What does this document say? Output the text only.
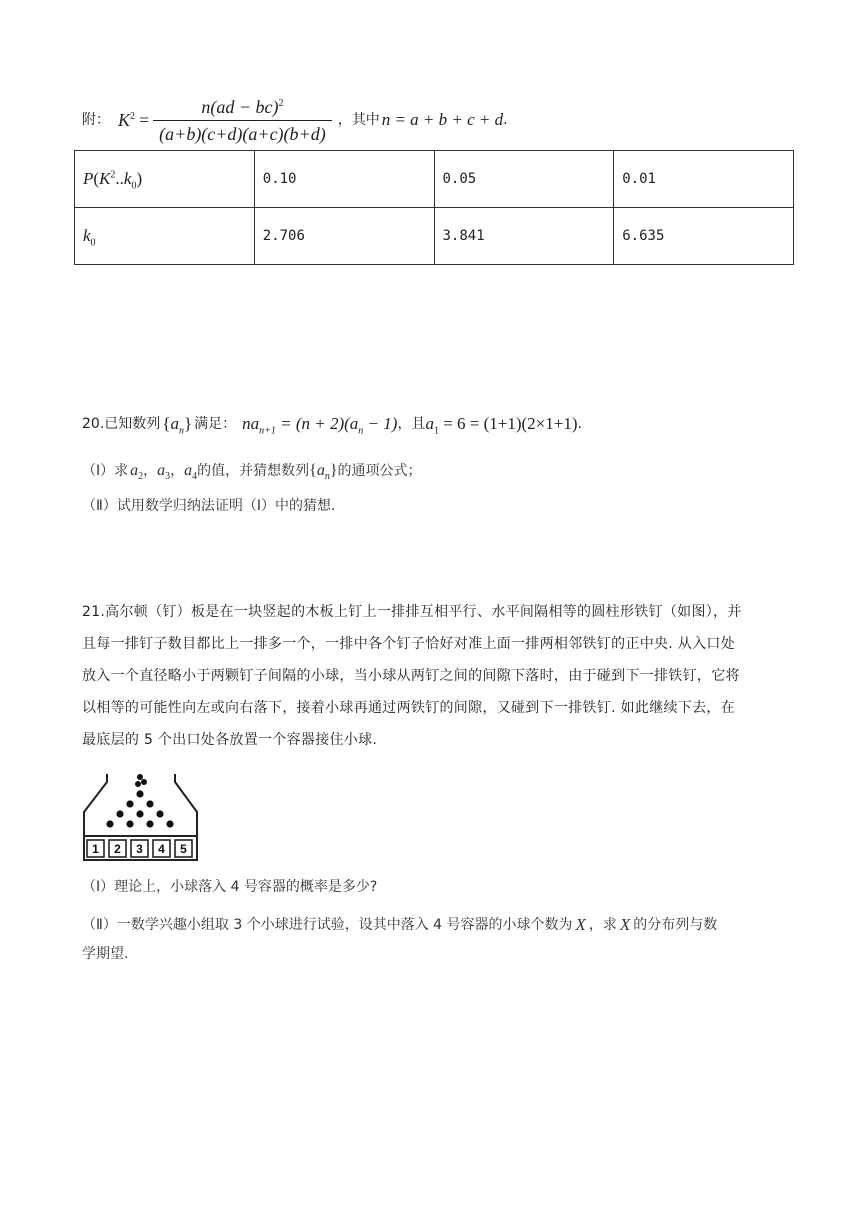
附： $K^2 = \frac{n(ad - bc)^2}{(a+b)(c+d)(a+c)(b+d)}$ ，其中 n = a + b + c + d .
$P(K^2..k_0)$	0.10	0.05	0.01
$k_0$	2.706	3.841	6.635
20. 已知数列 $\{a_n\}$ 满足： $na_{n+1} = (n + 2)(a_n - 1)$ ，且 $a_1 = 6 = (1+1)(2\times 1+1)$ .
（Ⅰ）求 $a_2$ ， $a_3$ ， $a_4$ 的值，并猜想数列 $\{a_n\}$ 的通项公式；
（Ⅱ）试用数学归纳法证明（Ⅰ）中的猜想.
21.高尔顿（钉）板是在一块竖起的木板上钉上一排排互相平行、水平间隔相等的圆柱形铁钉（如图），并
且每一排钉子数目都比上一排多一个，一排中各个钉子恰好对准上面一排两相邻铁钉的正中央. 从入口处
放入一个直径略小于两颗钉子间隔的小球，当小球从两钉之间的间隙下落时，由于碰到下一排铁钉，它将
以相等的可能性向左或向右落下，接着小球再通过两铁钉的间隙，又碰到下一排铁钉. 如此继续下去，在
最底层的 5 个出口处各放置一个容器接住小球.
1 2 3 4 5
（Ⅰ）理论上，小球落入 4 号容器的概率是多少?
（Ⅱ）一数学兴趣小组取 3 个小球进行试验，设其中落入 4 号容器的小球个数为 X ，求 X 的分布列与数
学期望.
